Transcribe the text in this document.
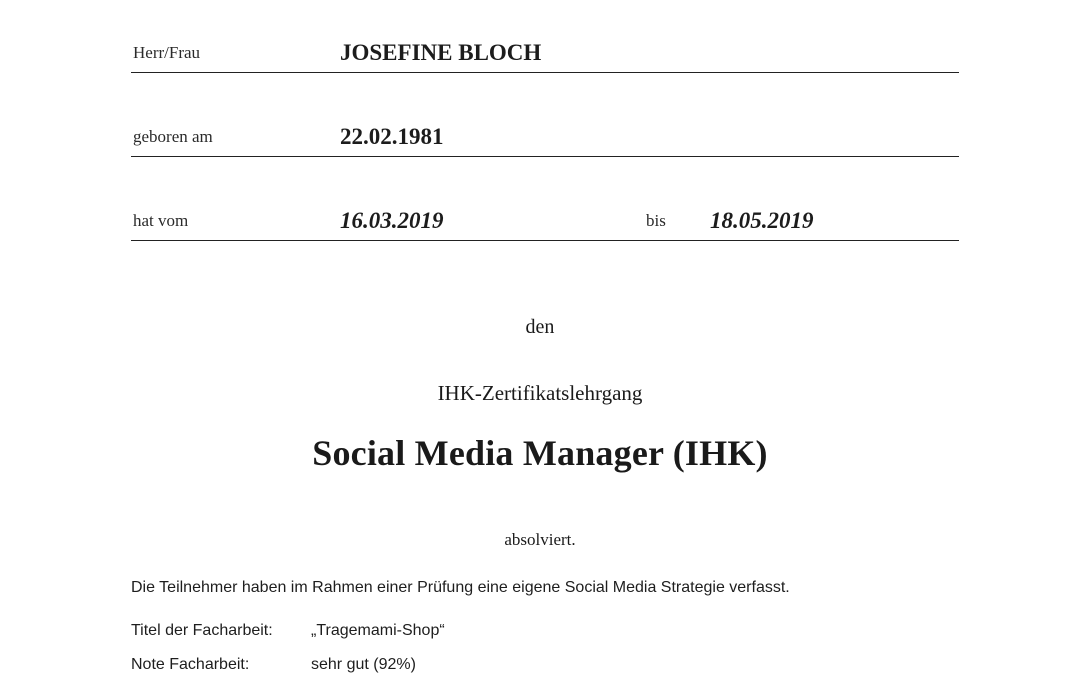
Herr/Frau	JOSEFINE BLOCH
geboren am	22.02.1981
hat vom	16.03.2019	bis 18.05.2019
den
IHK-Zertifikatslehrgang
Social Media Manager (IHK)
absolviert.
Die Teilnehmer haben im Rahmen einer Prüfung eine eigene Social Media Strategie verfasst.
Titel der Facharbeit: „Tragemami-Shop“
Note Facharbeit:	sehr gut (92%)
